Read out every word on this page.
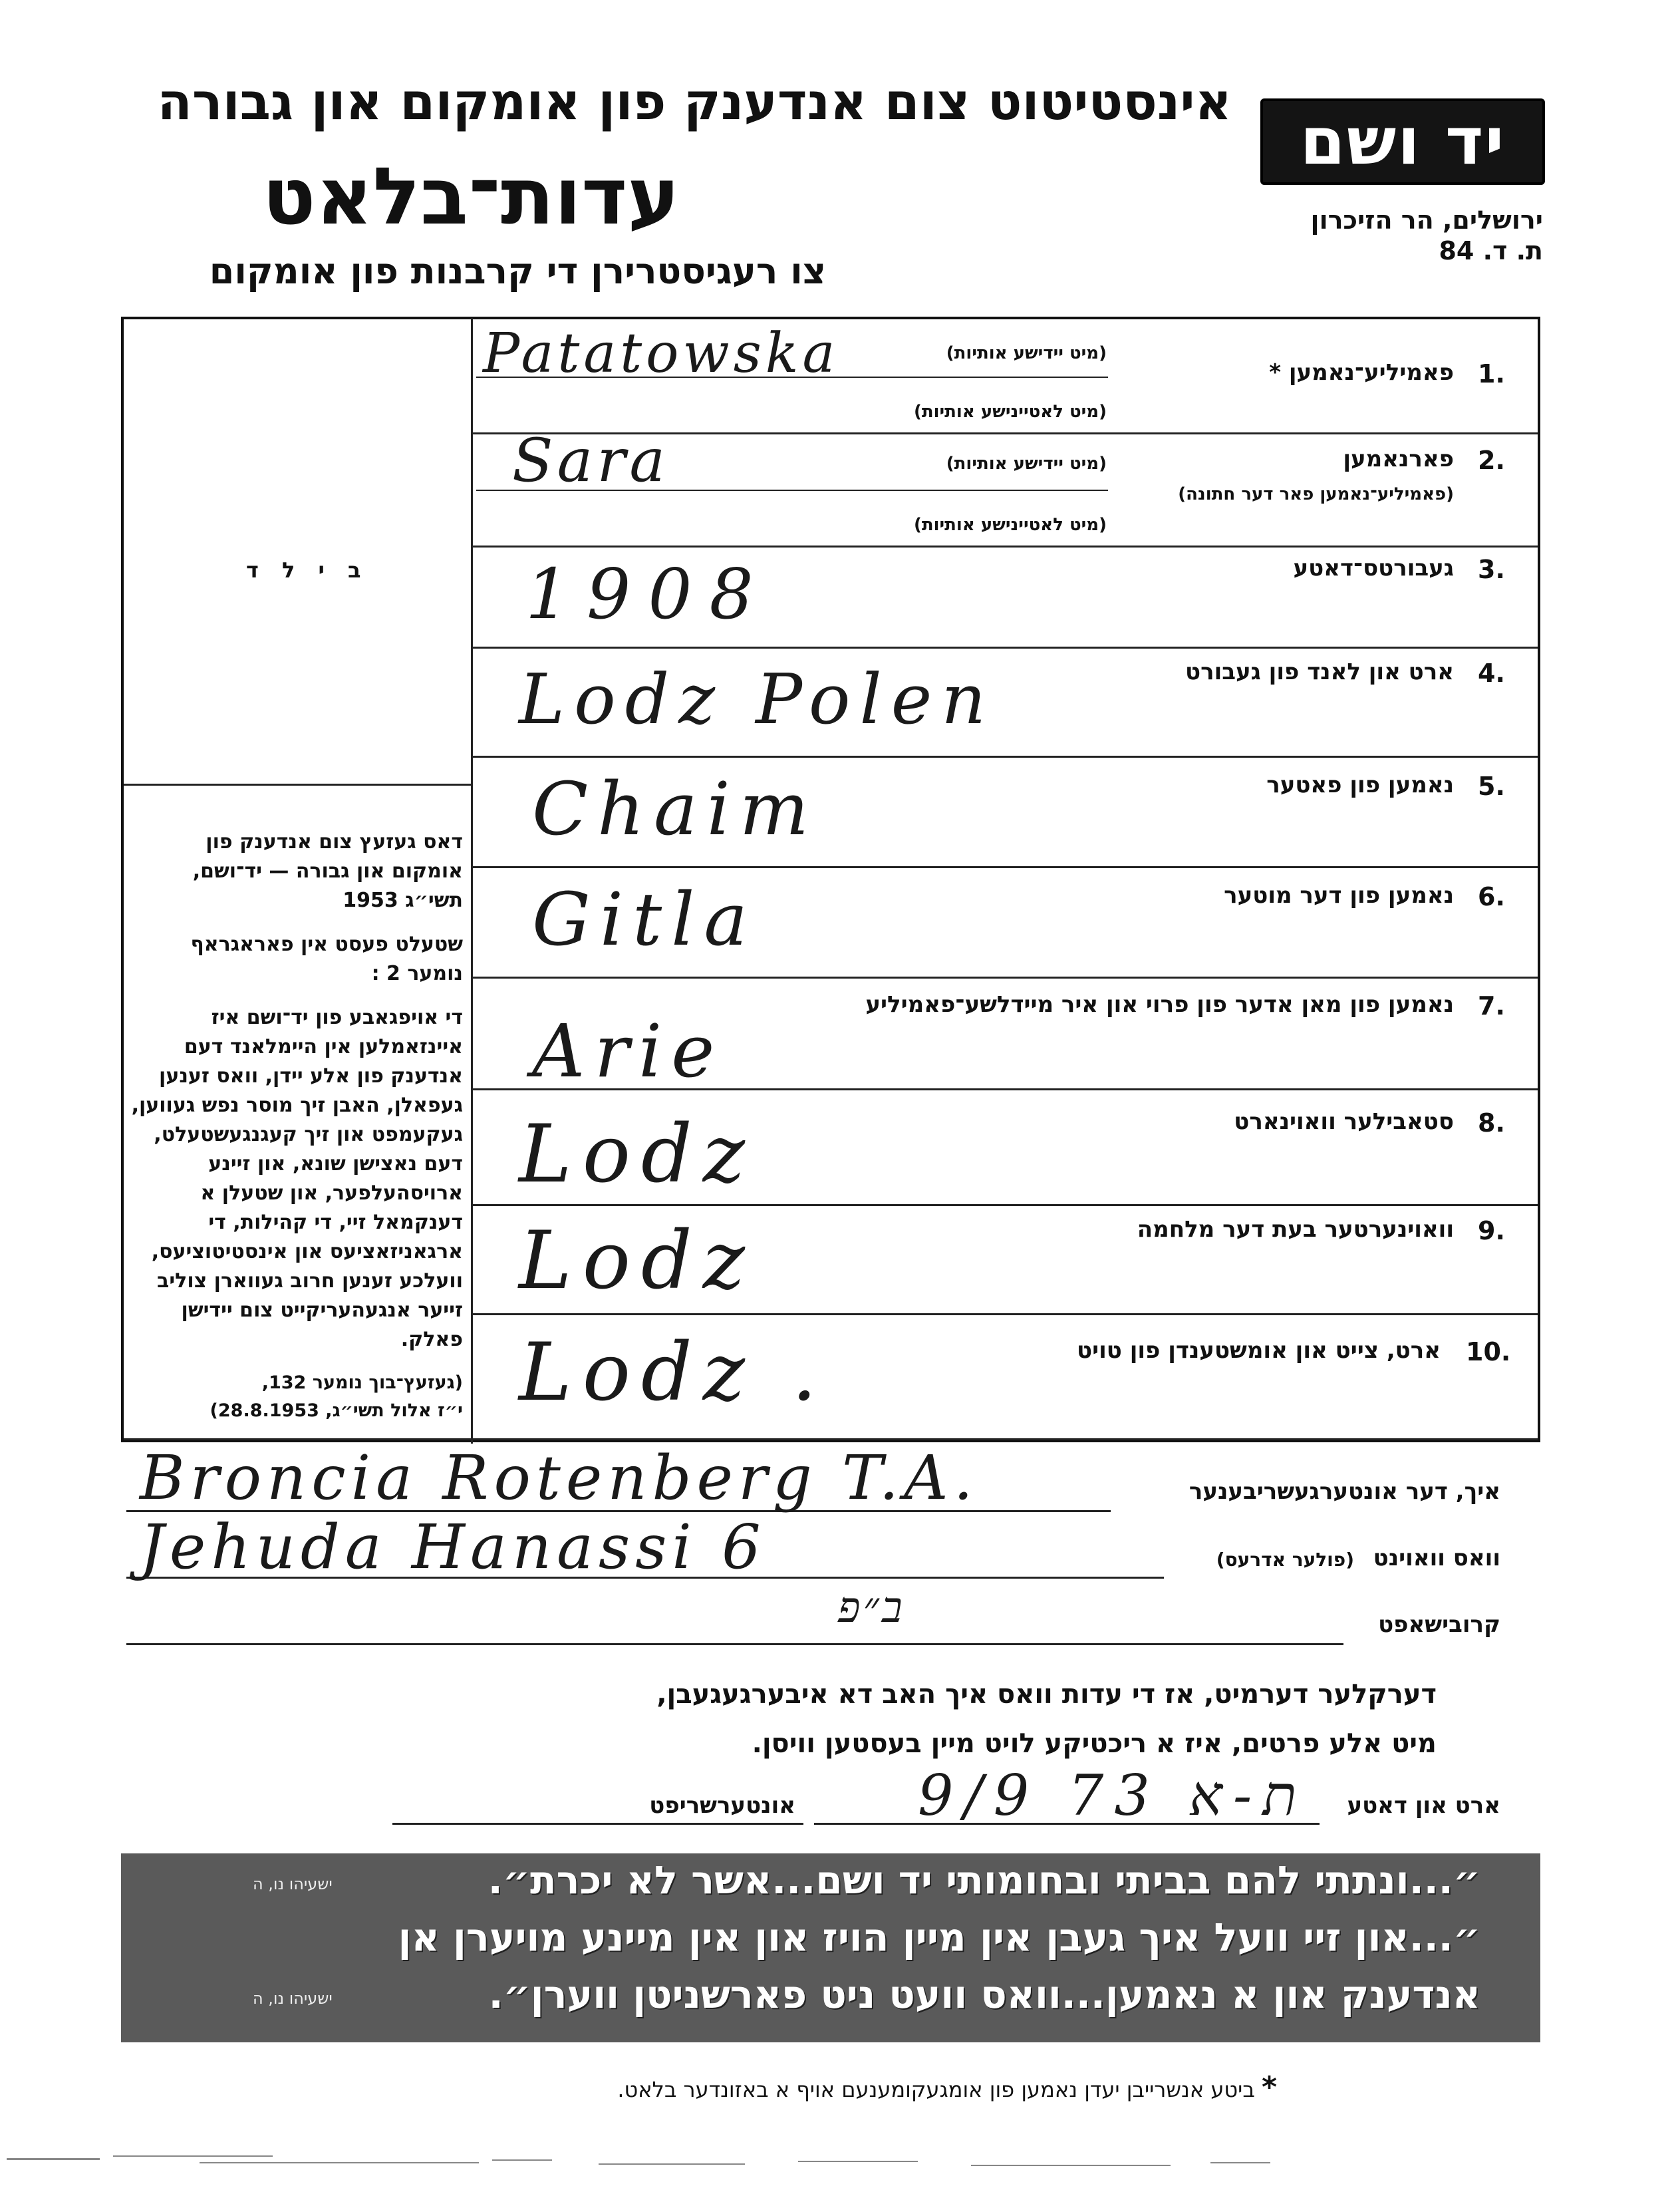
יד ושם
אינסטיטוט צום אנדענק פון אומקום און גבורה
עדות־בלאט
צו רעגיסטרירן די קרבנות פון אומקום
ירושלים, הר הזיכרון
ת. ד. 84
ב י ל ד

דאס געזעץ צום אנדענק פון אומקום און גבורה — יד־ושם, תשי״ג 1953

שטעלט פעסט אין פאראגראף נומער 2 :

די אויפגאבע פון יד־ושם איז איינזאמלען אין היימלאנד דעם אנדענק פון אלע יידן, וואס זענען געפאלן, האבן זיך מוסר נפש געווען, געקעמפט און זיך קעגנגעשטעלט, דעם נאצישן שונא, און זיינע ארויסהעלפער, און שטעלן א דענקמאל זיי, די קהילות, די ארגאניזאציעס און אינסטיטוציעס, וועלכע זענען חרוב געווארן צוליב זייער אנגעהעריקייט צום יידישן פאלק.

(געזעץ־בוך נומער 132,
י״ז אלול תשי״ג, 28.8.1953)

1.
פאמיליע־נאמען *
(מיט יידישע אותיות)
(מיט לאטיינישע אותיות)
Patatowska
2.
פארנאמען
(פאמיליע־נאמען פאר דער חתונה)
(מיט יידישע אותיות)
(מיט לאטיינישע אותיות)
Sara
3.
געבורטס־דאטע
1908
4.
ארט און לאנד פון געבורט
Lodz Polen
5.
נאמען פון פאטער
Chaim
6.
נאמען פון דער מוטער
Gitla
7.
נאמען פון מאן אדער פון פרוי און איר מיידלשע־פאמיליע
Arie
8.
סטאבילער וואוינארט
Lodz
9.
וואוינערטער בעת דער מלחמה
Lodz
10.
ארט, צייט און אומשטענדן פון טויט
Lodz .
איך, דער אונטערגעשריבענער
Broncia Rotenberg T.A.
וואס וואוינט
(פולער אדרעס)
Jehuda Hanassi 6
קרובישאפט
ב״פ
דערקלער דערמיט, אז די עדות וואס איך האב דא איבערגעגעבן,
מיט אלע פרטים, איז א ריכטיקע לויט מיין בעסטען וויסן.
ארט און דאטע
9/9 73 ת-א
אונטערשריפט
״...ונתתי להם בביתי ובחומותי יד ושם...אשר לא יכרת״.
ישעיהו נו, ה
״...און זיי וועל איך געבן אין מיין הויז און אין מיינע מויערן אן
אנדענק און א נאמען...וואס וועט ניט פארשניטן ווערן״.
ישעיהו נו, ה
* ביטע אנשרייבן יעדן נאמען פון אומגעקומענעם אויף א באזונדער בלאט.
